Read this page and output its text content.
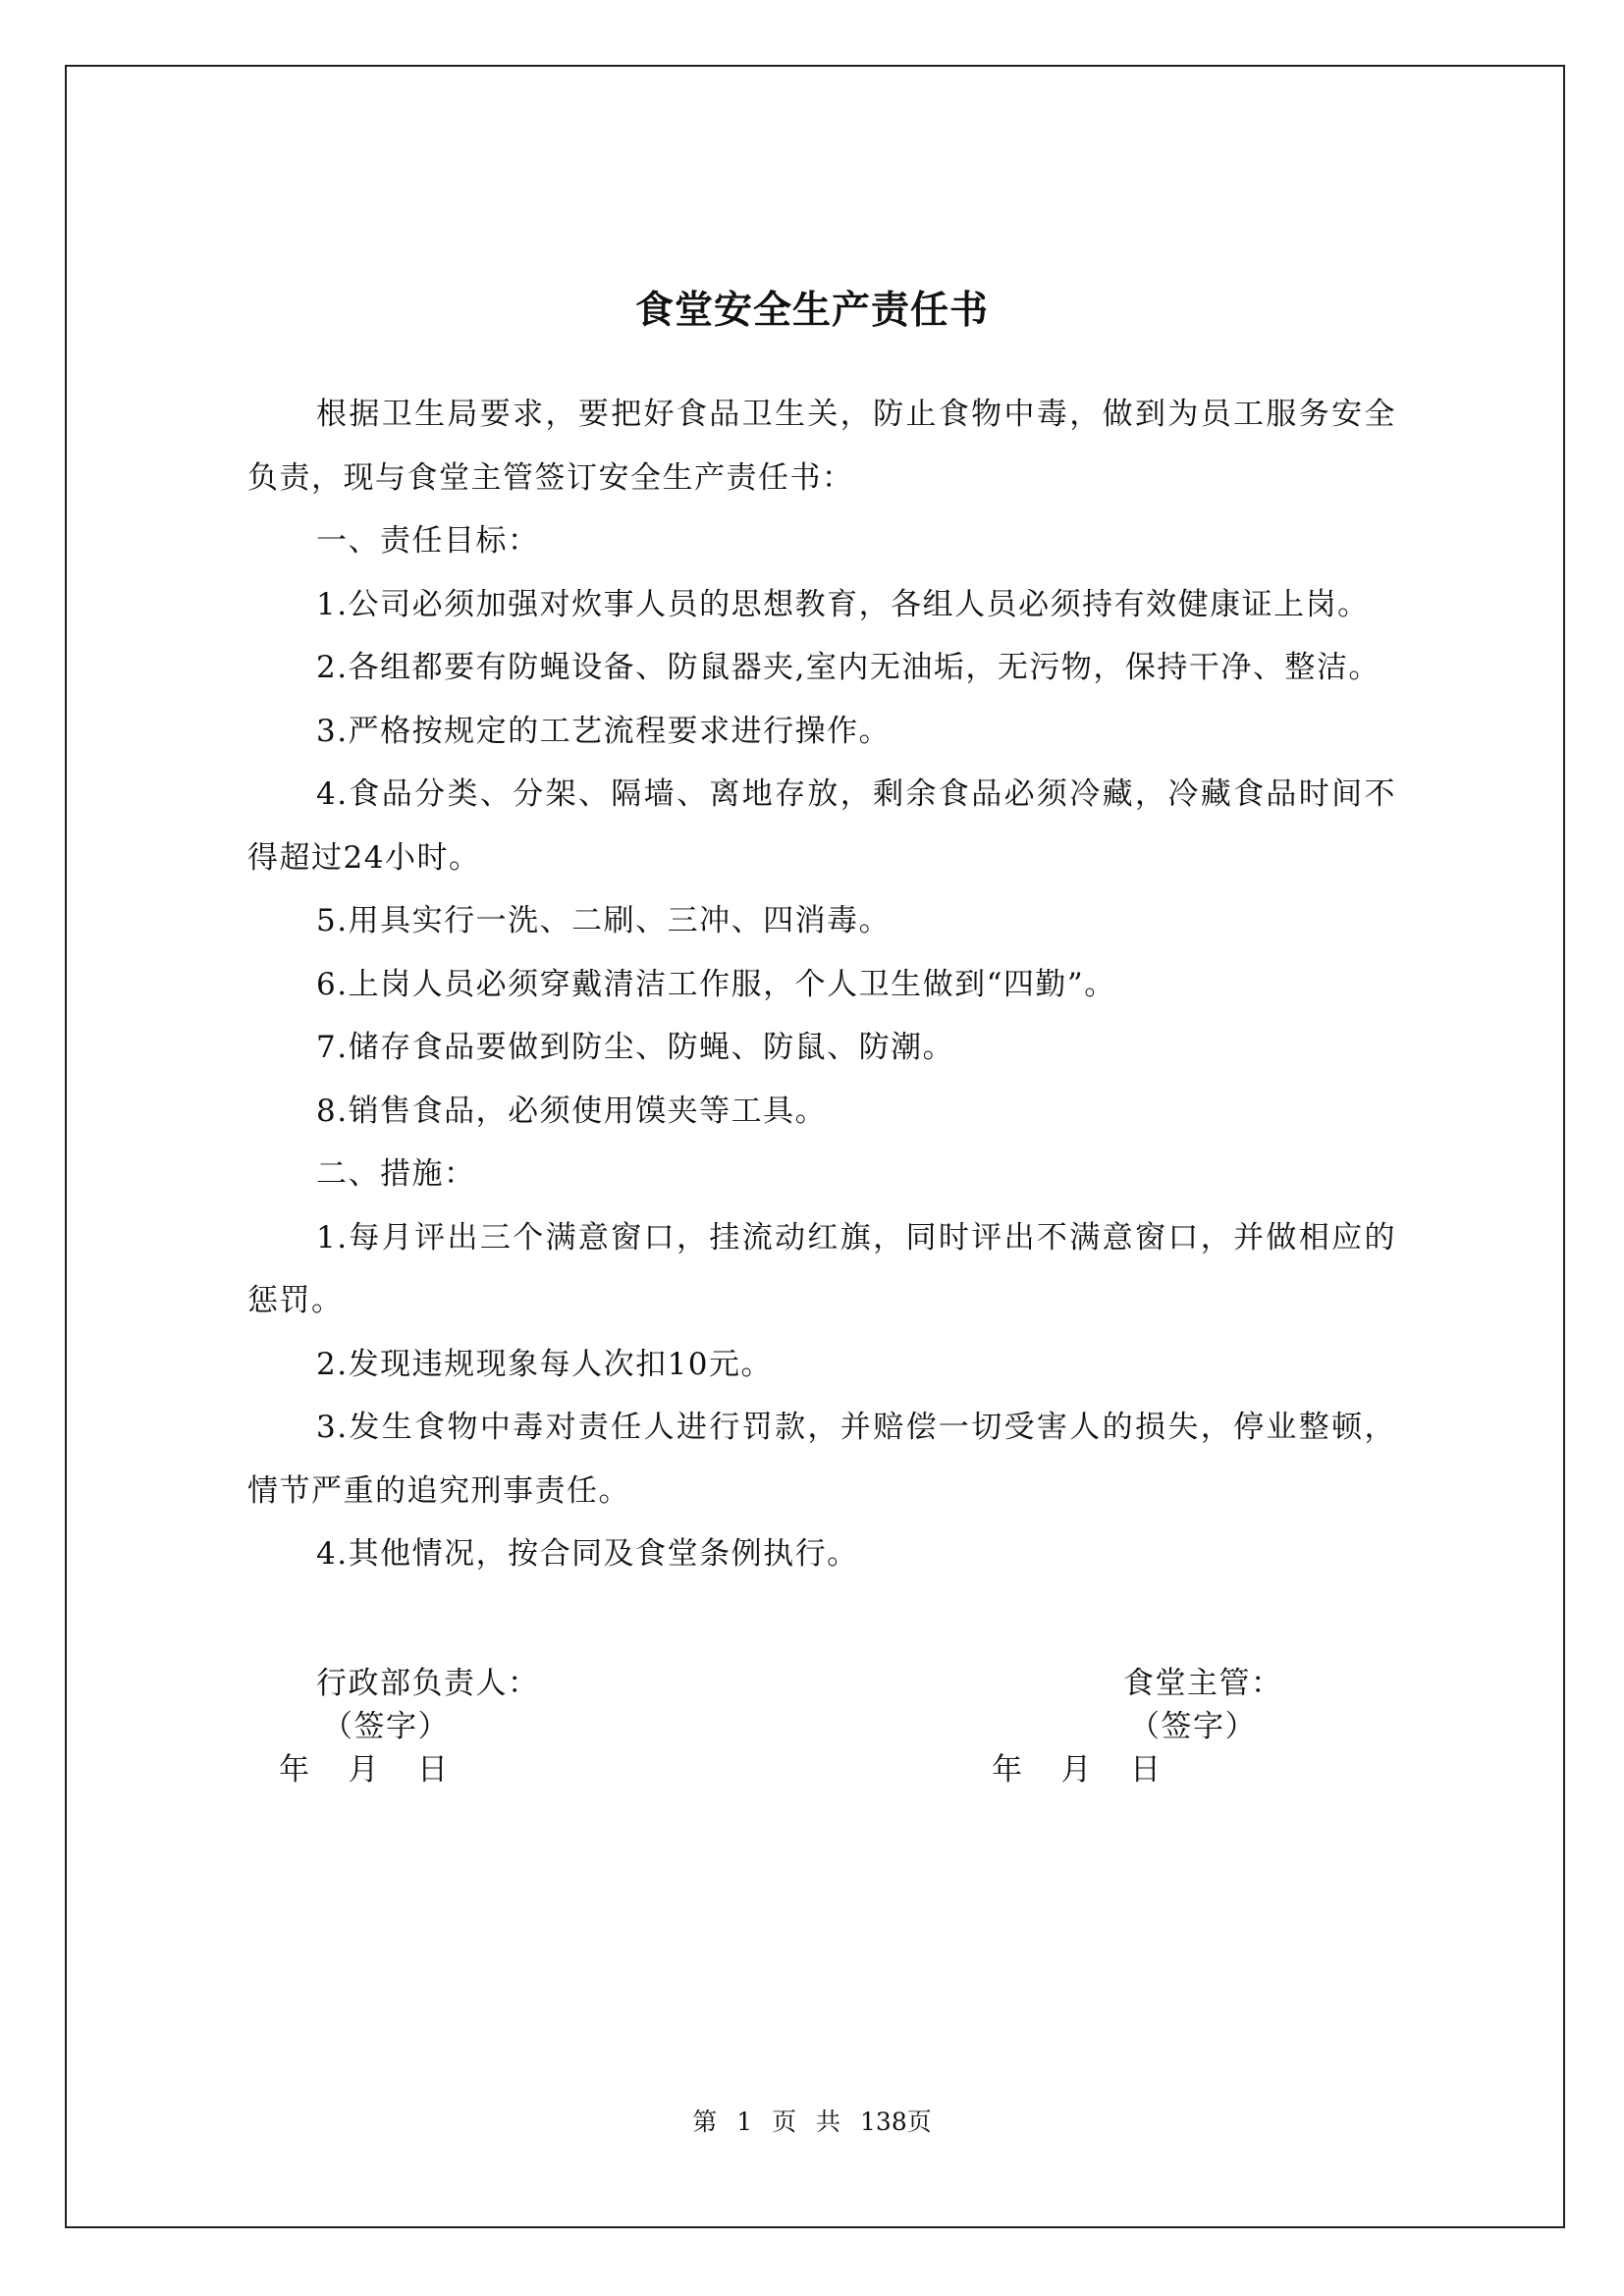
食堂安全生产责任书

根据卫生局要求，要把好食品卫生关，防止食物中毒，做到为员工服务安全负责，现与食堂主管签订安全生产责任书：

一、责任目标：

1.公司必须加强对炊事人员的思想教育，各组人员必须持有效健康证上岗。

2.各组都要有防蝇设备、防鼠器夹,室内无油垢，无污物，保持干净、整洁。

3.严格按规定的工艺流程要求进行操作。

4.食品分类、分架、隔墙、离地存放，剩余食品必须冷藏，冷藏食品时间不得超过24小时。

5.用具实行一洗、二刷、三冲、四消毒。

6.上岗人员必须穿戴清洁工作服，个人卫生做到“四勤”。

7.储存食品要做到防尘、防蝇、防鼠、防潮。

8.销售食品，必须使用馍夹等工具。

二、措施：

1.每月评出三个满意窗口，挂流动红旗，同时评出不满意窗口，并做相应的惩罚。

2.发现违规现象每人次扣10元。

3.发生食物中毒对责任人进行罚款，并赔偿一切受害人的损失，停业整顿，情节严重的追究刑事责任。

4.其他情况，按合同及食堂条例执行。

行政部负责人：
（签字）
年 月 日
食堂主管：
（签字）
年 月 日
第 1 页 共 138页
